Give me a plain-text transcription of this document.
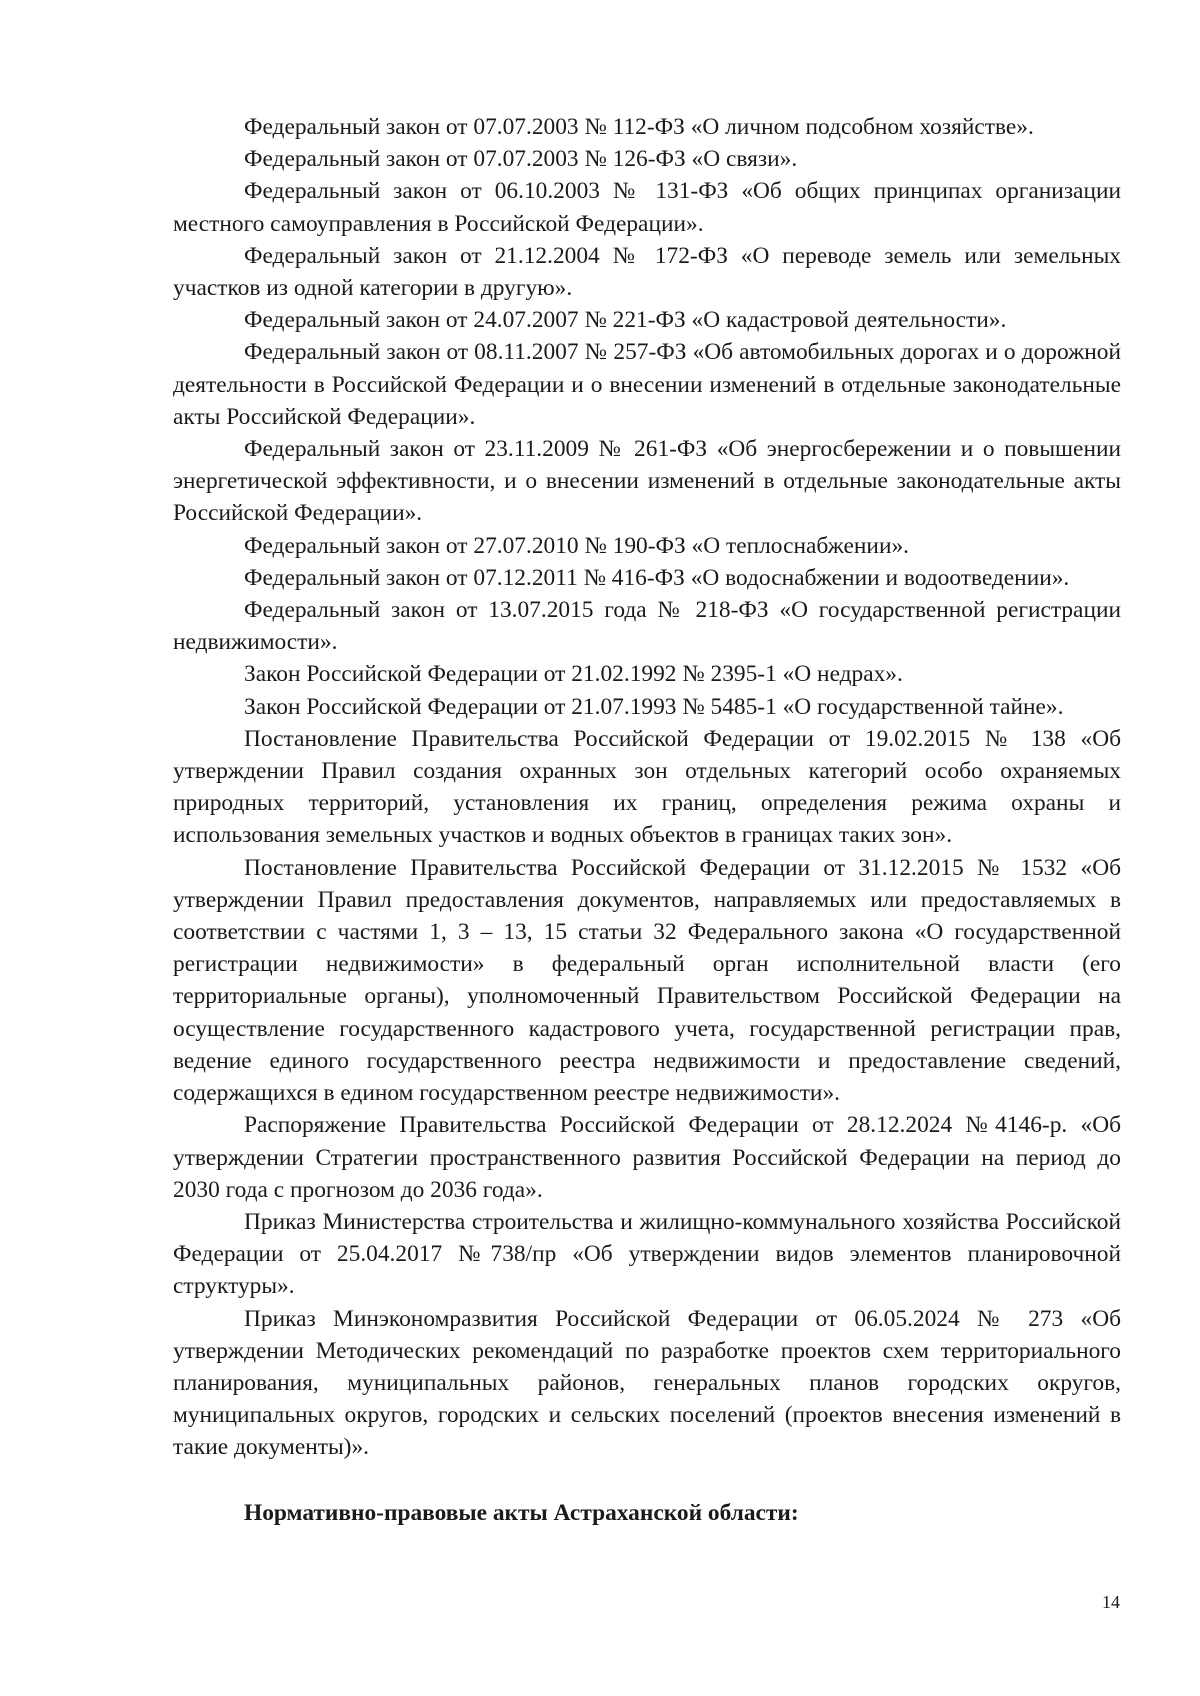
Федеральный закон от 07.07.2003 № 112-ФЗ «О личном подсобном хозяйстве».

Федеральный закон от 07.07.2003 № 126-ФЗ «О связи».

Федеральный закон от 06.10.2003 № 131-ФЗ «Об общих принципах организации местного самоуправления в Российской Федерации».

Федеральный закон от 21.12.2004 № 172-ФЗ «О переводе земель или земельных участков из одной категории в другую».

Федеральный закон от 24.07.2007 № 221-ФЗ «О кадастровой деятельности».

Федеральный закон от 08.11.2007 № 257-ФЗ «Об автомобильных дорогах и о дорожной деятельности в Российской Федерации и о внесении изменений в отдельные законодательные акты Российской Федерации».

Федеральный закон от 23.11.2009 № 261-ФЗ «Об энергосбережении и о повышении энергетической эффективности, и о внесении изменений в отдельные законодательные акты Российской Федерации».

Федеральный закон от 27.07.2010 № 190-ФЗ «О теплоснабжении».

Федеральный закон от 07.12.2011 № 416-ФЗ «О водоснабжении и водоотведении».

Федеральный закон от 13.07.2015 года № 218-ФЗ «О государственной регистрации недвижимости».

Закон Российской Федерации от 21.02.1992 № 2395-1 «О недрах».

Закон Российской Федерации от 21.07.1993 № 5485-1 «О государственной тайне».

Постановление Правительства Российской Федерации от 19.02.2015 № 138 «Об утверждении Правил создания охранных зон отдельных категорий особо охраняемых природных территорий, установления их границ, определения режима охраны и использования земельных участков и водных объектов в границах таких зон».

Постановление Правительства Российской Федерации от 31.12.2015 № 1532 «Об утверждении Правил предоставления документов, направляемых или предоставляемых в соответствии с частями 1, 3 – 13, 15 статьи 32 Федерального закона «О государственной регистрации недвижимости» в федеральный орган исполнительной власти (его территориальные органы), уполномоченный Правительством Российской Федерации на осуществление государственного кадастрового учета, государственной регистрации прав, ведение единого государственного реестра недвижимости и предоставление сведений, содержащихся в едином государственном реестре недвижимости».

Распоряжение Правительства Российской Федерации от 28.12.2024 №4146-р. «Об утверждении Стратегии пространственного развития Российской Федерации на период до 2030 года с прогнозом до 2036 года».

Приказ Министерства строительства и жилищно-коммунального хозяйства Российской Федерации от 25.04.2017 №738/пр «Об утверждении видов элементов планировочной структуры».

Приказ Минэкономразвития Российской Федерации от 06.05.2024 № 273 «Об утверждении Методических рекомендаций по разработке проектов схем территориального планирования, муниципальных районов, генеральных планов городских округов, муниципальных округов, городских и сельских поселений (проектов внесения изменений в такие документы)».

Нормативно-правовые акты Астраханской области:

14
